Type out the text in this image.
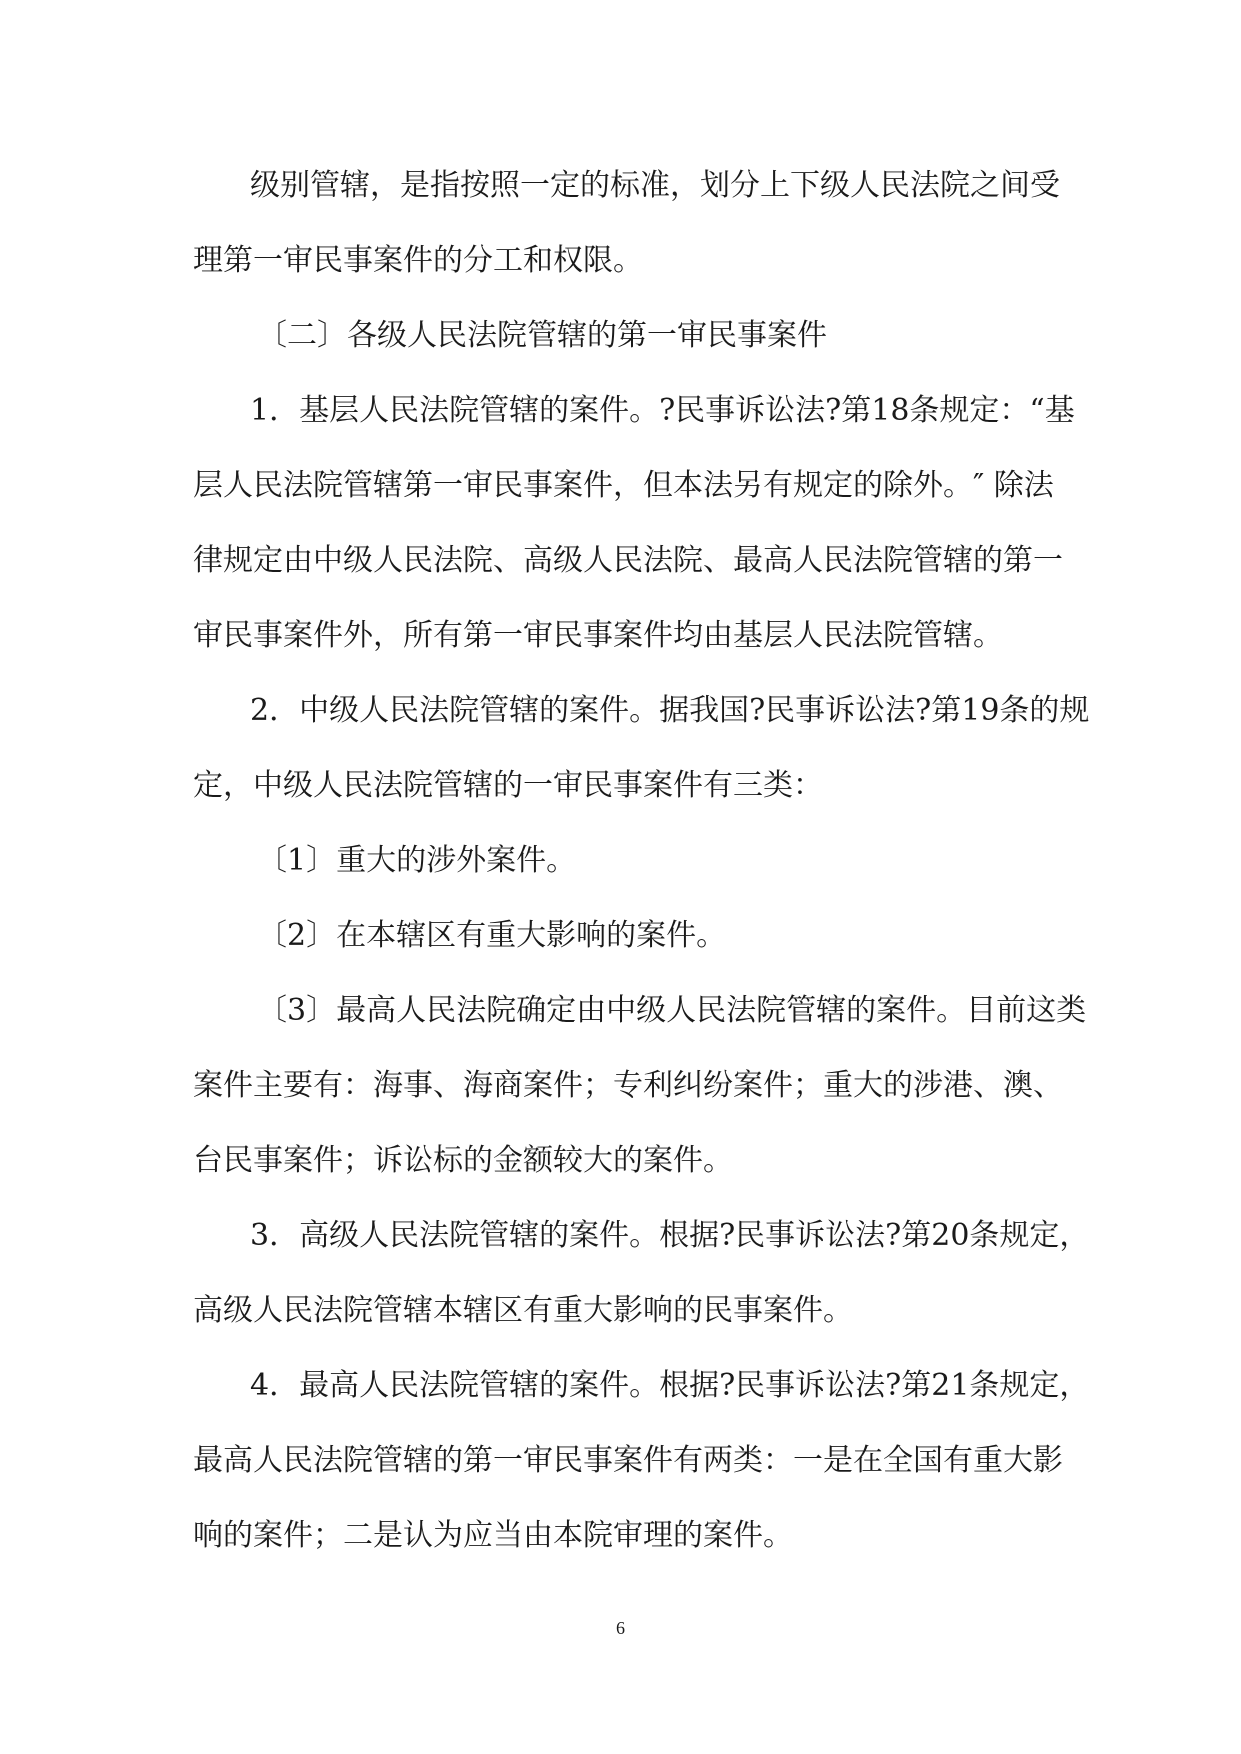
级别管辖，是指按照一定的标准，划分上下级人民法院之间受
理第一审民事案件的分工和权限。
〔二〕各级人民法院管辖的第一审民事案件
1．基层人民法院管辖的案件。?民事诉讼法?第18条规定：“基
层人民法院管辖第一审民事案件，但本法另有规定的除外。″ 除法
律规定由中级人民法院、高级人民法院、最高人民法院管辖的第一
审民事案件外，所有第一审民事案件均由基层人民法院管辖。
2．中级人民法院管辖的案件。据我国?民事诉讼法?第19条的规
定，中级人民法院管辖的一审民事案件有三类：
〔1〕重大的涉外案件。
〔2〕在本辖区有重大影响的案件。
〔3〕最高人民法院确定由中级人民法院管辖的案件。目前这类
案件主要有：海事、海商案件；专利纠纷案件；重大的涉港、澳、
台民事案件；诉讼标的金额较大的案件。
3．高级人民法院管辖的案件。根据?民事诉讼法?第20条规定，
高级人民法院管辖本辖区有重大影响的民事案件。
4．最高人民法院管辖的案件。根据?民事诉讼法?第21条规定，
最高人民法院管辖的第一审民事案件有两类：一是在全国有重大影
响的案件；二是认为应当由本院审理的案件。
6
